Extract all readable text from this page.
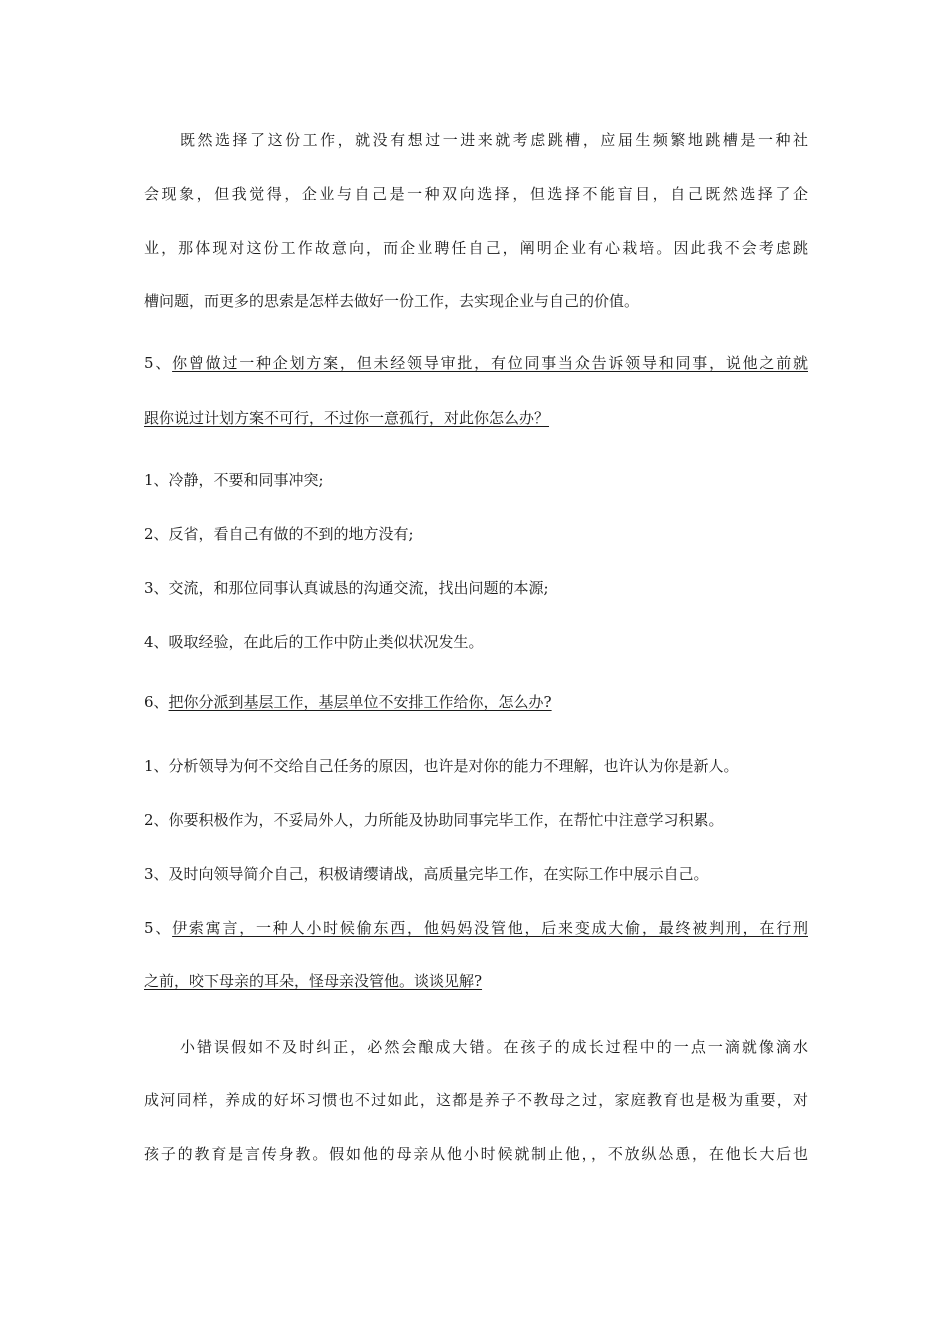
既然选择了这份工作，就没有想过一进来就考虑跳槽，应届生频繁地跳槽是一种社
会现象，但我觉得，企业与自己是一种双向选择，但选择不能盲目，自己既然选择了企
业，那体现对这份工作故意向，而企业聘任自己，阐明企业有心栽培。因此我不会考虑跳
槽问题，而更多的思索是怎样去做好一份工作，去实现企业与自己的价值。
5、你曾做过一种企划方案，但未经领导审批，有位同事当众告诉领导和同事，说他之前就
跟你说过计划方案不可行，不过你一意孤行，对此你怎么办？
1、冷静，不要和同事冲突;
2、反省，看自己有做的不到的地方没有;
3、交流，和那位同事认真诚恳的沟通交流，找出问题的本源;
4、吸取经验，在此后的工作中防止类似状况发生。
6、把你分派到基层工作，基层单位不安排工作给你，怎么办?
1、分析领导为何不交给自己任务的原因，也许是对你的能力不理解，也许认为你是新人。
2、你要积极作为，不妥局外人，力所能及协助同事完毕工作，在帮忙中注意学习积累。
3、及时向领导简介自己，积极请缨请战，高质量完毕工作，在实际工作中展示自己。
5、伊索寓言，一种人小时候偷东西，他妈妈没管他，后来变成大偷，最终被判刑，在行刑
之前，咬下母亲的耳朵，怪母亲没管他。谈谈见解?
小错误假如不及时纠正，必然会酿成大错。在孩子的成长过程中的一点一滴就像滴水
成河同样，养成的好坏习惯也不过如此，这都是养子不教母之过，家庭教育也是极为重要，对
孩子的教育是言传身教。假如他的母亲从他小时候就制止他，，不放纵怂恿，在他长大后也
